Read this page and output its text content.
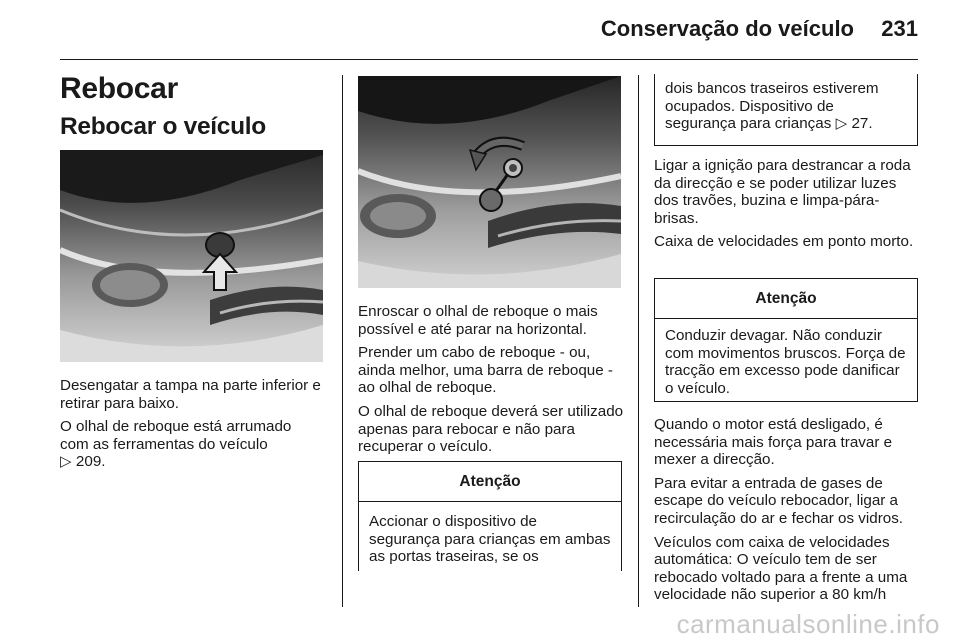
Conservação do veículo 231
Rebocar
Rebocar o veículo

Desengatar a tampa na parte inferior e retirar para baixo.

O olhal de reboque está arrumado
com as ferramentas do veículo
▷ 209.

Enroscar o olhal de reboque o mais possível e até parar na horizontal.

Prender um cabo de reboque - ou, ainda melhor, uma barra de reboque - ao olhal de reboque.

O olhal de reboque deverá ser utilizado apenas para rebocar e não para recuperar o veículo.

Atenção
Accionar o dispositivo de segurança para crianças em ambas as portas traseiras, se os
dois bancos traseiros estiverem ocupados. Dispositivo de segurança para crianças ▷ 27.

Ligar a ignição para destrancar a roda da direcção e se poder utilizar luzes dos travões, buzina e limpa-pára-brisas.

Caixa de velocidades em ponto morto.

Atenção
Conduzir devagar. Não conduzir com movimentos bruscos. Força de tracção em excesso pode danificar o veículo.

Quando o motor está desligado, é necessária mais força para travar e mexer a direcção.

Para evitar a entrada de gases de escape do veículo rebocador, ligar a recirculação do ar e fechar os vidros.

Veículos com caixa de velocidades automática: O veículo tem de ser rebocado voltado para a frente a uma velocidade não superior a 80 km/h

carmanualsonline.info
